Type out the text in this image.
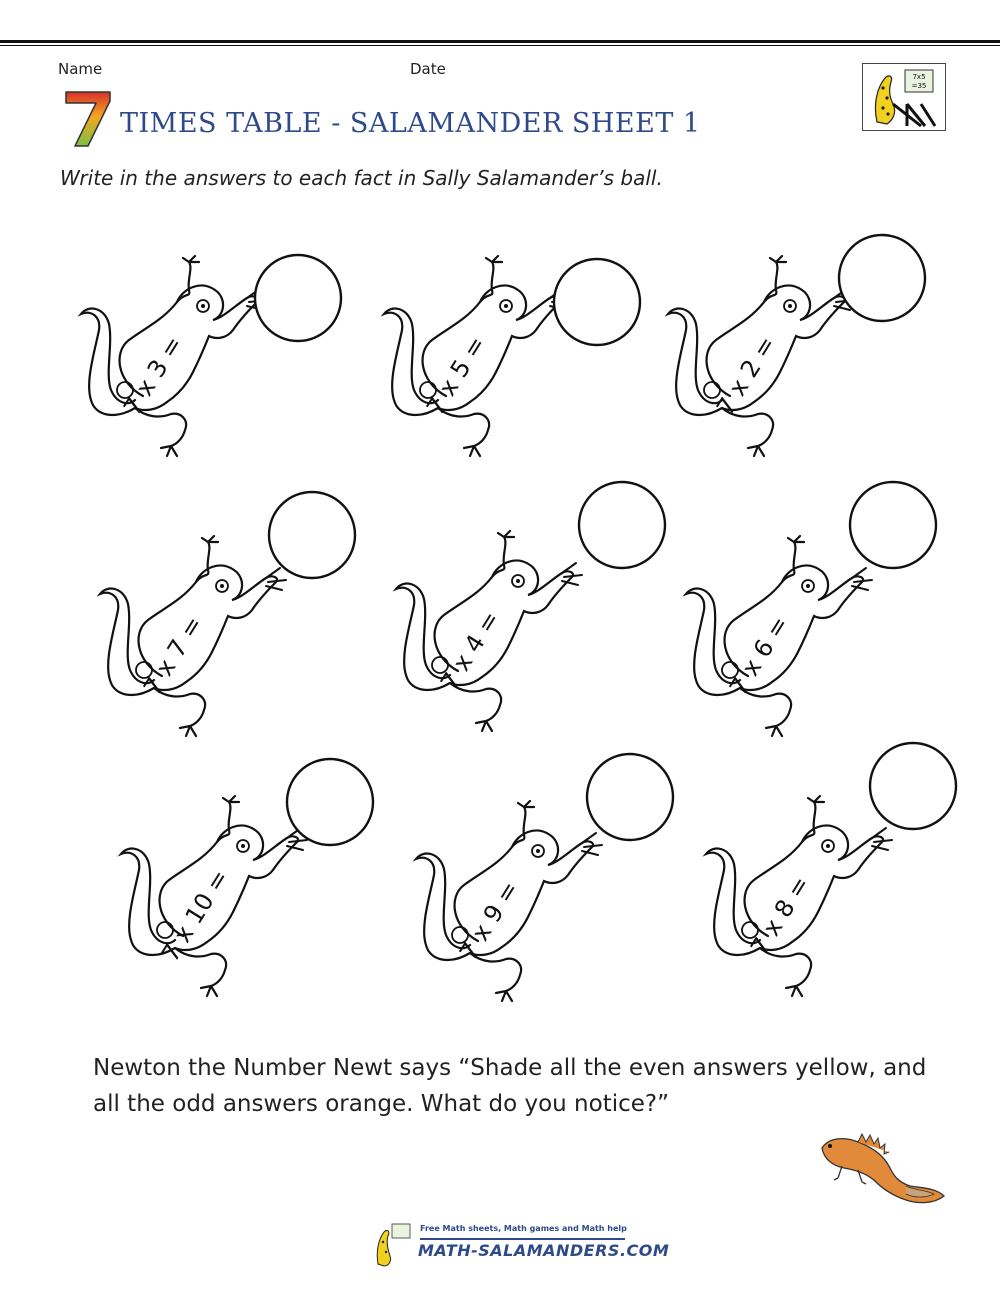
Name	Date	7x5
=35
TIMES TABLE - SALAMANDER SHEET 1
Write in the answers to each fact in Sally Salamander’s ball.
7 x 3 =	7 x 5 =	7 x 2 =
7 x 7 =	7 x 4 =	7 x 6 =
7 x 10 =	7 x 9 =	7 x 8 =
Newton the Number Newt says “Shade all the even answers yellow, and all the odd answers orange. What do you notice?”
Free Math sheets, Math games and Math help
MATH-SALAMANDERS.COM
